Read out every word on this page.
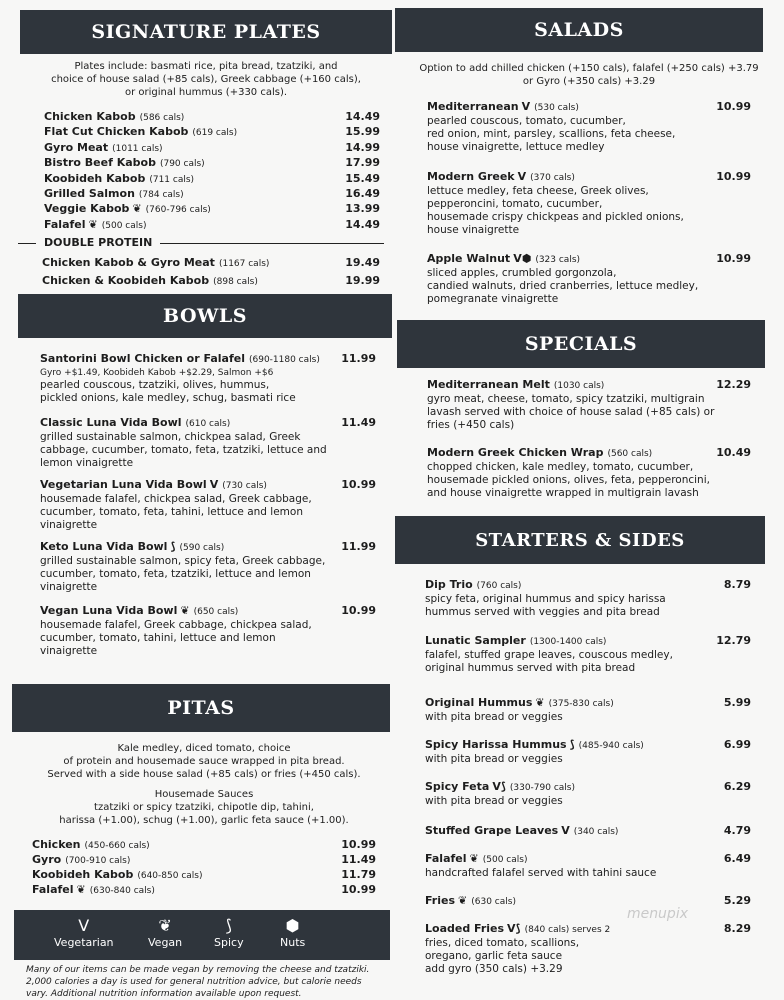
SIGNATURE PLATES
Plates include: basmati rice, pita bread, tzatziki, and
choice of house salad (+85 cals), Greek cabbage (+160 cals),
or original hummus (+330 cals).
Chicken Kabob (586 cals)	14.49
Flat Cut Chicken Kabob (619 cals)	15.99
Gyro Meat (1011 cals)	14.99
Bistro Beef Kabob (790 cals)	17.99
Koobideh Kabob (711 cals)	15.49
Grilled Salmon (784 cals)	16.49
Veggie Kabob ❦ (760-796 cals)	13.99
Falafel ❦ (500 cals)	14.49
DOUBLE PROTEIN
Chicken Kabob & Gyro Meat (1167 cals)	19.49
Chicken & Koobideh Kabob (898 cals)	19.99
BOWLS
Santorini Bowl Chicken or Falafel (690-1180 cals)	11.99
Gyro +$1.49, Koobideh Kabob +$2.29, Salmon +$6
pearled couscous, tzatziki, olives, hummus,
pickled onions, kale medley, schug, basmati rice
Classic Luna Vida Bowl (610 cals)	11.49
grilled sustainable salmon, chickpea salad, Greek
cabbage, cucumber, tomato, feta, tzatziki, lettuce and
lemon vinaigrette
Vegetarian Luna Vida Bowl V (730 cals)	10.99
housemade falafel, chickpea salad, Greek cabbage,
cucumber, tomato, feta, tahini, lettuce and lemon
vinaigrette
Keto Luna Vida Bowl ⟆ (590 cals)	11.99
grilled sustainable salmon, spicy feta, Greek cabbage,
cucumber, tomato, feta, tzatziki, lettuce and lemon
vinaigrette
Vegan Luna Vida Bowl ❦ (650 cals)	10.99
housemade falafel, Greek cabbage, chickpea salad,
cucumber, tomato, tahini, lettuce and lemon
vinaigrette
PITAS
Kale medley, diced tomato, choice
of protein and housemade sauce wrapped in pita bread.
Served with a side house salad (+85 cals) or fries (+450 cals).
Housemade Sauces
tzatziki or spicy tzatziki, chipotle dip, tahini,
harissa (+1.00), schug (+1.00), garlic feta sauce (+1.00).
Chicken (450-660 cals)	10.99
Gyro (700-910 cals)	11.49
Koobideh Kabob (640-850 cals)	11.79
Falafel ❦ (630-840 cals)	10.99
V
Vegetarian
❦
Vegan
⟆
Spicy
⬢
Nuts
Many of our items can be made vegan by removing the cheese and tzatziki.
2,000 calories a day is used for general nutrition advice, but calorie needs
vary. Additional nutrition information available upon request.
SALADS
Option to add chilled chicken (+150 cals), falafel (+250 cals) +3.79
or Gyro (+350 cals) +3.29
Mediterranean V (530 cals)	10.99
pearled couscous, tomato, cucumber,
red onion, mint, parsley, scallions, feta cheese,
house vinaigrette, lettuce medley
Modern Greek V (370 cals)	10.99
lettuce medley, feta cheese, Greek olives,
pepperoncini, tomato, cucumber,
housemade crispy chickpeas and pickled onions,
house vinaigrette
Apple Walnut V⬢ (323 cals)	10.99
sliced apples, crumbled gorgonzola,
candied walnuts, dried cranberries, lettuce medley,
pomegranate vinaigrette
SPECIALS
Mediterranean Melt (1030 cals)	12.29
gyro meat, cheese, tomato, spicy tzatziki, multigrain
lavash served with choice of house salad (+85 cals) or
fries (+450 cals)
Modern Greek Chicken Wrap (560 cals)	10.49
chopped chicken, kale medley, tomato, cucumber,
housemade pickled onions, olives, feta, pepperoncini,
and house vinaigrette wrapped in multigrain lavash
STARTERS & SIDES
Dip Trio (760 cals)	8.79
spicy feta, original hummus and spicy harissa
hummus served with veggies and pita bread
Lunatic Sampler (1300-1400 cals)	12.79
falafel, stuffed grape leaves, couscous medley,
original hummus served with pita bread
Original Hummus ❦ (375-830 cals)	5.99
with pita bread or veggies
Spicy Harissa Hummus ⟆ (485-940 cals)	6.99
with pita bread or veggies
Spicy Feta V⟆ (330-790 cals)	6.29
with pita bread or veggies
Stuffed Grape Leaves V (340 cals)	4.79
Falafel ❦ (500 cals)	6.49
handcrafted falafel served with tahini sauce
Fries ❦ (630 cals)	5.29
Loaded Fries V⟆ (840 cals) serves 2	8.29
fries, diced tomato, scallions,
oregano, garlic feta sauce
add gyro (350 cals) +3.29
menupix
